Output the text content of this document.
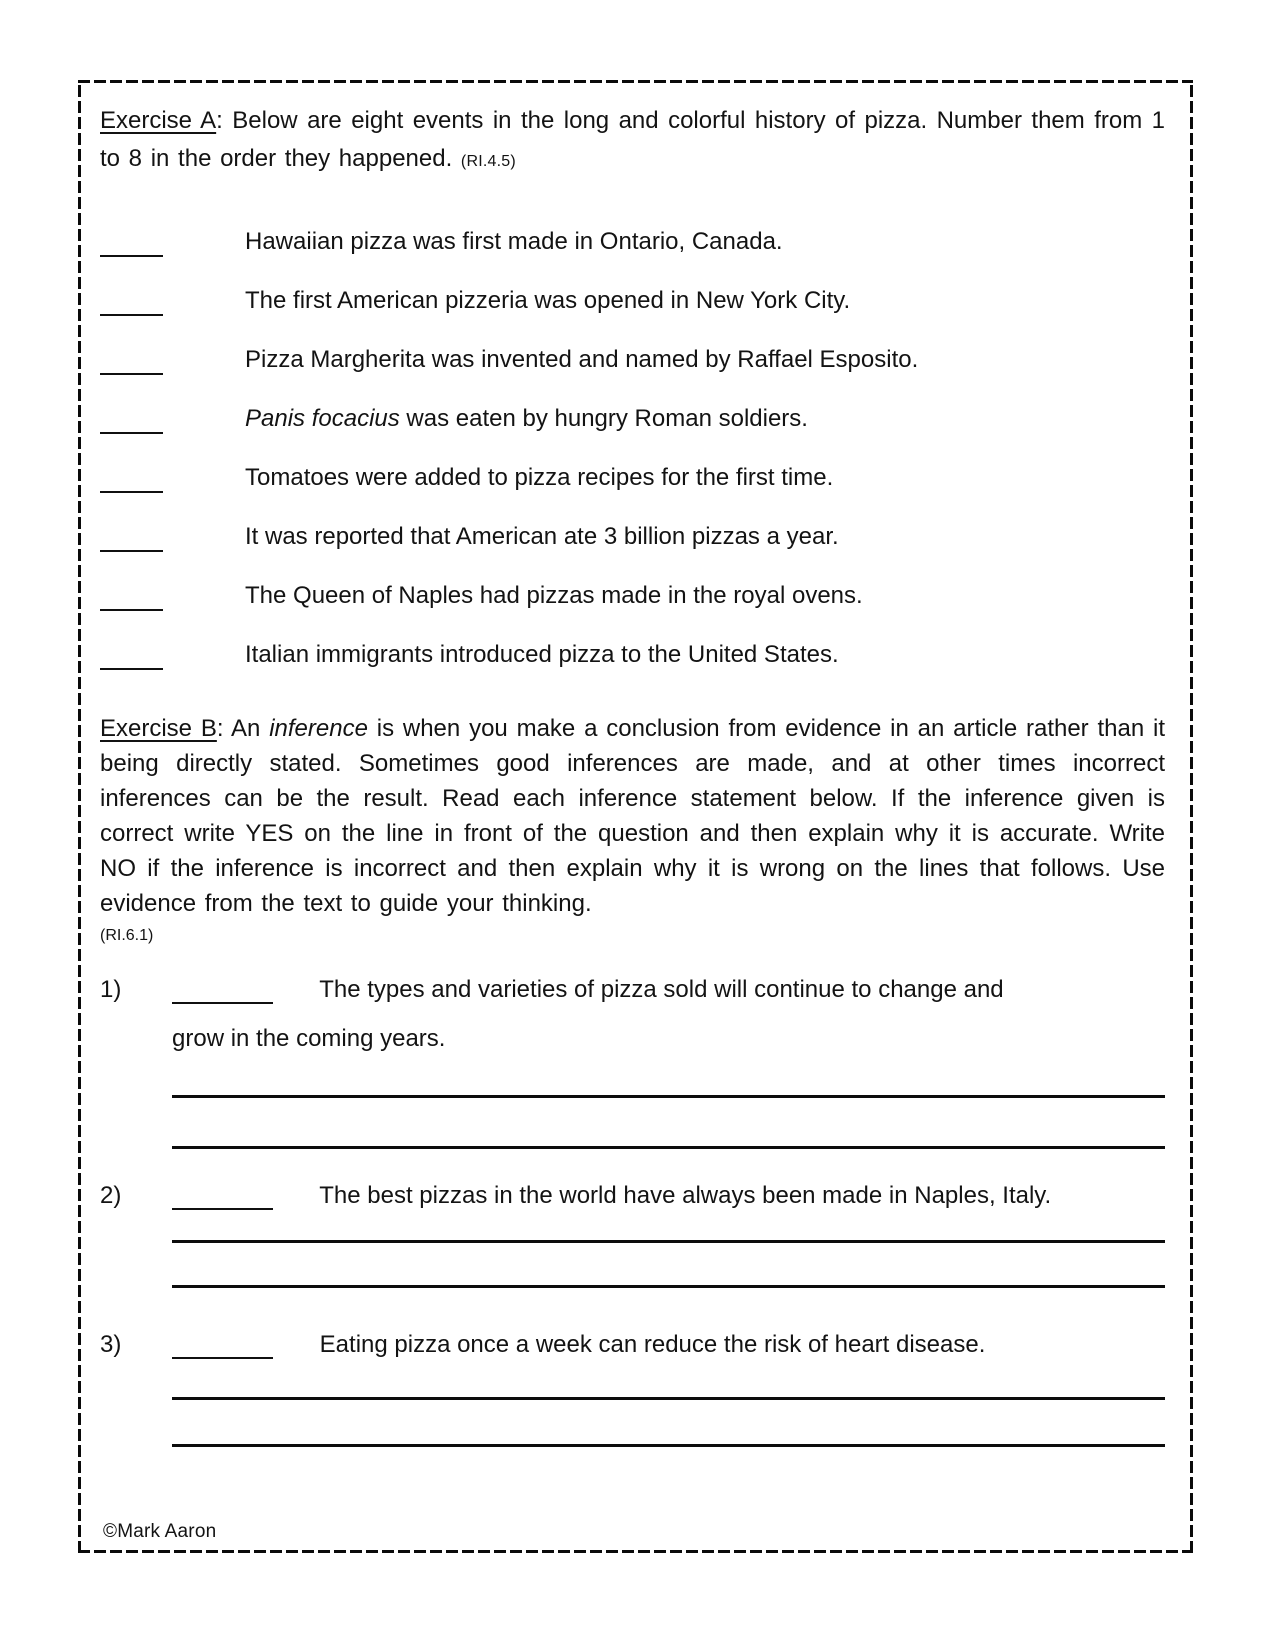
Exercise A: Below are eight events in the long and colorful history of pizza. Number them from 1 to 8 in the order they happened. (RI.4.5)

Hawaiian pizza was first made in Ontario, Canada.
The first American pizzeria was opened in New York City.
Pizza Margherita was invented and named by Raffael Esposito.
Panis focacius was eaten by hungry Roman soldiers.
Tomatoes were added to pizza recipes for the first time.
It was reported that American ate 3 billion pizzas a year.
The Queen of Naples had pizzas made in the royal ovens.
Italian immigrants introduced pizza to the United States.

Exercise B: An inference is when you make a conclusion from evidence in an article rather than it being directly stated. Sometimes good inferences are made, and at other times incorrect inferences can be the result. Read each inference statement below. If the inference given is correct write YES on the line in front of the question and then explain why it is accurate. Write NO if the inference is incorrect and then explain why it is wrong on the lines that follows. Use evidence from the text to guide your thinking.

(RI.6.1)
1)	The types and varieties of pizza sold will continue to change and
grow in the coming years.
2)	The best pizzas in the world have always been made in Naples, Italy.
3)	Eating pizza once a week can reduce the risk of heart disease.
©Mark Aaron
